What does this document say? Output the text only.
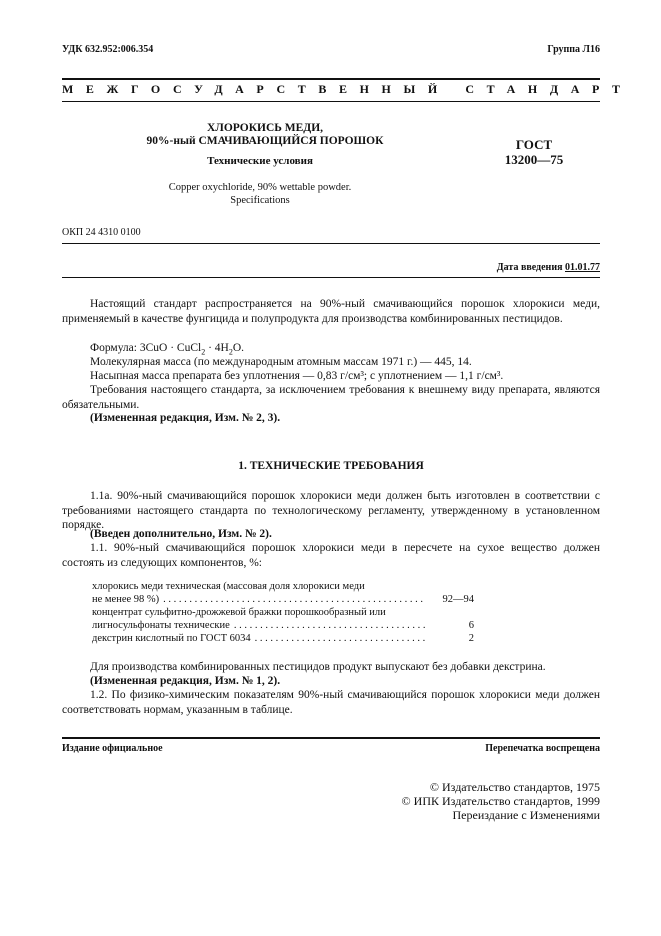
УДК 632.952:006.354	Группа Л16
МЕЖГОСУДАРСТВЕННЫЙ СТАНДАРТ
ХЛОРОКИСЬ МЕДИ,
90%-ный СМАЧИВАЮЩИЙСЯ ПОРОШОК
Технические условия
Copper oxychloride, 90% wettable powder.
Specifications
ГОСТ
13200—75
ОКП 24 4310 0100
Дата введения 01.01.77
Настоящий стандарт распространяется на 90%-ный смачивающийся порошок хлорокиси меди, применяемый в качестве фунгицида и полупродукта для производства комбинированных пестицидов.
Формула: 3CuO · CuCl$_2$ · $4H_2O$.
Молекулярная масса (по международным атомным массам 1971 г.) — 445, 14.
Насыпная масса препарата без уплотнения — 0,83 г/см³; с уплотнением — 1,1 г/см³.
Требования настоящего стандарта, за исключением требования к внешнему виду препарата, являются обязательными.
(Измененная редакция, Изм. № 2, 3).
1. ТЕХНИЧЕСКИЕ ТРЕБОВАНИЯ
1.1а. 90%-ный смачивающийся порошок хлорокиси меди должен быть изготовлен в соответствии с требованиями настоящего стандарта по технологическому регламенту, утвержденному в установленном порядке.
(Введен дополнительно, Изм. № 2).
1.1. 90%-ный смачивающийся порошок хлорокиси меди в пересчете на сухое вещество должен состоять из следующих компонентов, %:
хлорокись меди техническая (массовая доля хлорокиси меди
не менее 98 %) . . .	92—94
концентрат сульфитно-дрожжевой бражки порошкообразный или
лигносульфонаты технические . . .	6
декстрин кислотный по ГОСТ 6034 . . .	2
Для производства комбинированных пестицидов продукт выпускают без добавки декстрина.
(Измененная редакция, Изм. № 1, 2).
1.2. По физико-химическим показателям 90%-ный смачивающийся порошок хлорокиси меди должен соответствовать нормам, указанным в таблице.
Издание официальное	Перепечатка воспрещена
© Издательство стандартов, 1975
© ИПК Издательство стандартов, 1999
Переиздание с Изменениями
